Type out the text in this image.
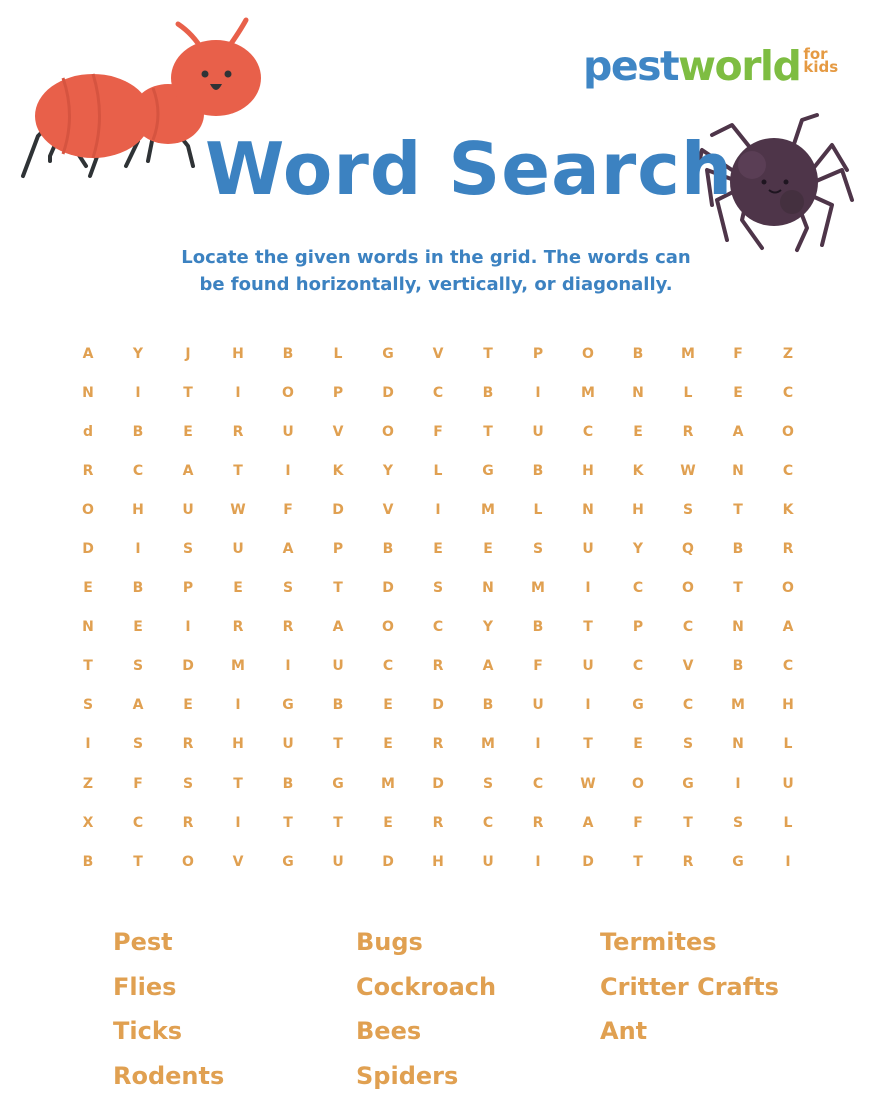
pestworld for
kids
Word Search
Locate the given words in the grid. The words can
be found horizontally, vertically, or diagonally.
A	Y	J	H	B	L	G	V	T	P	O	B	M	F	Z
N	I	T	I	O	P	D	C	B	I	M	N	L	E	C
d	B	E	R	U	V	O	F	T	U	C	E	R	A	O
R	C	A	T	I	K	Y	L	G	B	H	K	W	N	C
O	H	U	W	F	D	V	I	M	L	N	H	S	T	K
D	I	S	U	A	P	B	E	E	S	U	Y	Q	B	R
E	B	P	E	S	T	D	S	N	M	I	C	O	T	O
N	E	I	R	R	A	O	C	Y	B	T	P	C	N	A
T	S	D	M	I	U	C	R	A	F	U	C	V	B	C
S	A	E	I	G	B	E	D	B	U	I	G	C	M	H
I	S	R	H	U	T	E	R	M	I	T	E	S	N	L
Z	F	S	T	B	G	M	D	S	C	W	O	G	I	U
X	C	R	I	T	T	E	R	C	R	A	F	T	S	L
B	T	O	V	G	U	D	H	U	I	D	T	R	G	I
Pest
Flies
Ticks
Rodents
Bugs
Cockroach
Bees
Spiders
Termites
Critter Crafts
Ant
